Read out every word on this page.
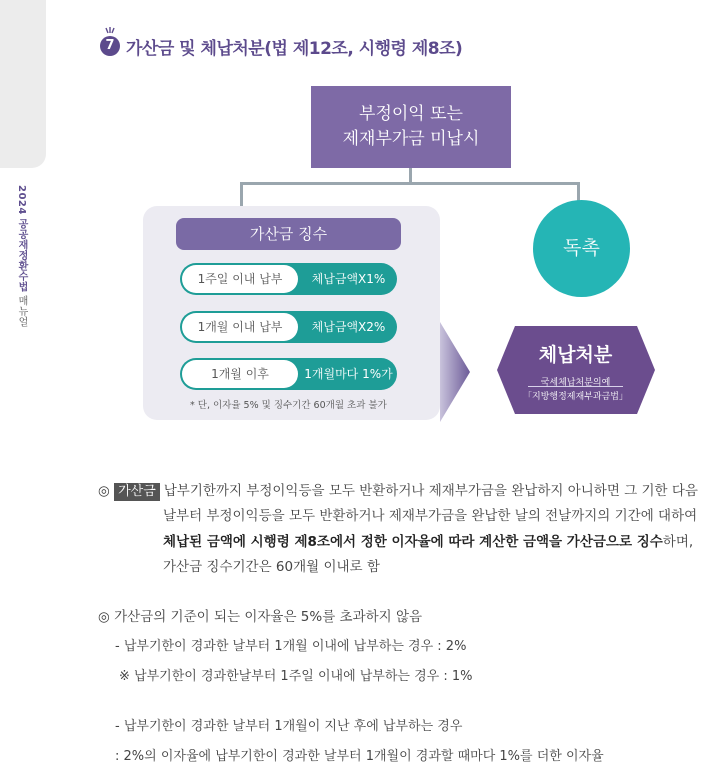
2024 공공재정환수법 매뉴얼
7 가산금 및 체납처분(법 제12조, 시행령 제8조)
부정이익 또는
제재부가금 미납시
가산금 징수
1주일 이내 납부	체납금액X1%
1개월 이내 납부	체납금액X2%
1개월 이후	1개월마다 1%가
* 단, 이자율 5% 및 징수기간 60개월 초과 불가
독촉
체납처분
국세체납처분의예
「지방행정제재부과금법」
◎ 가산금 납부기한까지 부정이익등을 모두 반환하거나 제재부가금을 완납하지 아니하면 그 기한 다음
날부터 부정이익등을 모두 반환하거나 제재부가금을 완납한 날의 전날까지의 기간에 대하여
체납된 금액에 시행령 제8조에서 정한 이자율에 따라 계산한 금액을 가산금으로 징수하며,
가산금 징수기간은 60개월 이내로 함
◎ 가산금의 기준이 되는 이자율은 5%를 초과하지 않음
- 납부기한이 경과한 날부터 1개월 이내에 납부하는 경우 : 2%
※ 납부기한이 경과한날부터 1주일 이내에 납부하는 경우 : 1%
- 납부기한이 경과한 날부터 1개월이 지난 후에 납부하는 경우
: 2%의 이자율에 납부기한이 경과한 날부터 1개월이 경과할 때마다 1%를 더한 이자율
